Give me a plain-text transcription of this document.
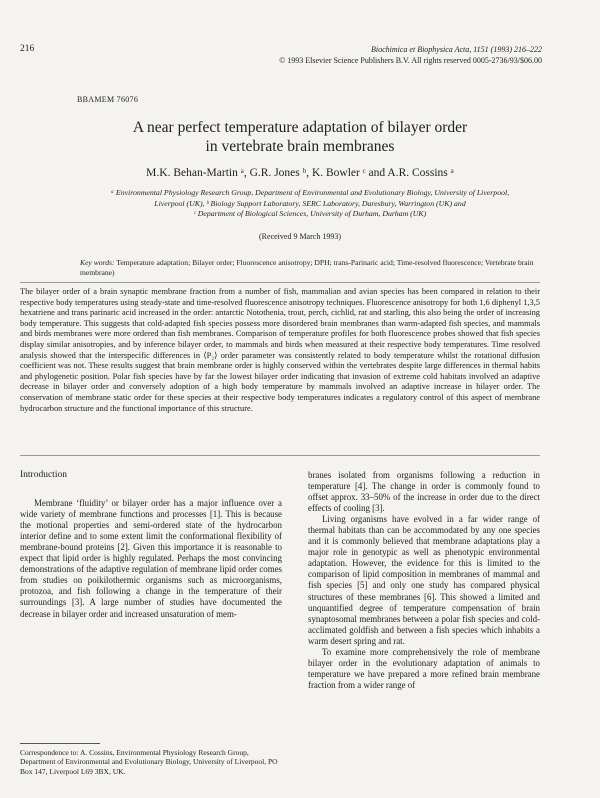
216	Biochimica et Biophysica Acta, 1151 (1993) 216–222
© 1993 Elsevier Science Publishers B.V. All rights reserved 0005-2736/93/$06.00
BBAMEM 76076
A near perfect temperature adaptation of bilayer order
in vertebrate brain membranes
M.K. Behan-Martin ᵃ, G.R. Jones ᵇ, K. Bowler ᶜ and A.R. Cossins ᵃ
ᵃ Environmental Physiology Research Group, Department of Environmental and Evolutionary Biology, University of Liverpool,
Liverpool (UK), ᵇ Biology Support Laboratory, SERC Laboratory, Daresbury, Warrington (UK) and
ᶜ Department of Biological Sciences, University of Durham, Durham (UK)
(Received 9 March 1993)
Key words: Temperature adaptation; Bilayer order; Fluorescence anisotropy; DPH; trans-Parinaric acid; Time-resolved fluorescence; Vertebrate brain membrane)
The bilayer order of a brain synaptic membrane fraction from a number of fish, mammalian and avian species has been compared in relation to their respective body temperatures using steady-state and time-resolved fluorescence anisotropy techniques. Fluorescence anisotropy for both 1,6 diphenyl 1,3,5 hexatriene and trans parinaric acid increased in the order: antarctic Notothenia, trout, perch, cichlid, rat and starling, this also being the order of increasing body temperature. This suggests that cold-adapted fish species possess more disordered brain membranes than warm-adapted fish species, and mammals and birds membranes were more ordered than fish membranes. Comparison of temperature profiles for both fluorescence probes showed that fish species display similar anisotropies, and by inference bilayer order, to mammals and birds when measured at their respective body temperatures. Time resolved analysis showed that the interspecific differences in ⟨P₂⟩ order parameter was consistently related to body temperature whilst the rotational diffusion coefficient was not. These results suggest that brain membrane order is highly conserved within the vertebrates despite large differences in thermal habits and phylogenetic position. Polar fish species have by far the lowest bilayer order indicating that invasion of extreme cold habitats involved an adaptive decrease in bilayer order and conversely adoption of a high body temperature by mammals involved an adaptive increase in bilayer order. The conservation of membrane static order for these species at their respective body temperatures indicates a regulatory control of this aspect of membrane hydrocarbon structure and the functional importance of this structure.
Introduction

Membrane ‘fluidity’ or bilayer order has a major influence over a wide variety of membrane functions and processes [1]. This is because the motional properties and semi-ordered state of the hydrocarbon interior define and to some extent limit the conformational flexibility of membrane-bound proteins [2]. Given this importance it is reasonable to expect that lipid order is highly regulated. Perhaps the most convincing demonstrations of the adaptive regulation of membrane lipid order comes from studies on poikilothermic organisms such as microorganisms, protozoa, and fish following a change in the temperature of their surroundings [3]. A large number of studies have documented the decrease in bilayer order and increased unsaturation of mem-

branes isolated from organisms following a reduction in temperature [4]. The change in order is commonly found to offset approx. 33–50% of the increase in order due to the direct effects of cooling [3].

Living organisms have evolved in a far wider range of thermal habitats than can be accommodated by any one species and it is commonly believed that membrane adaptations play a major role in genotypic as well as phenotypic environmental adaptation. However, the evidence for this is limited to the comparison of lipid composition in membranes of mammal and fish species [5] and only one study has compared physical structures of these membranes [6]. This showed a limited and unquantified degree of temperature compensation of brain synaptosomal membranes between a polar fish species and cold-acclimated goldfish and between a fish species which inhabits a warm desert spring and rat.

To examine more comprehensively the role of membrane bilayer order in the evolutionary adaptation of animals to temperature we have prepared a more refined brain membrane fraction from a wider range of

Correspondence to: A. Cossins, Environmental Physiology Research Group, Department of Environmental and Evolutionary Biology, University of Liverpool, PO Box 147, Liverpool L69 3BX, UK.
